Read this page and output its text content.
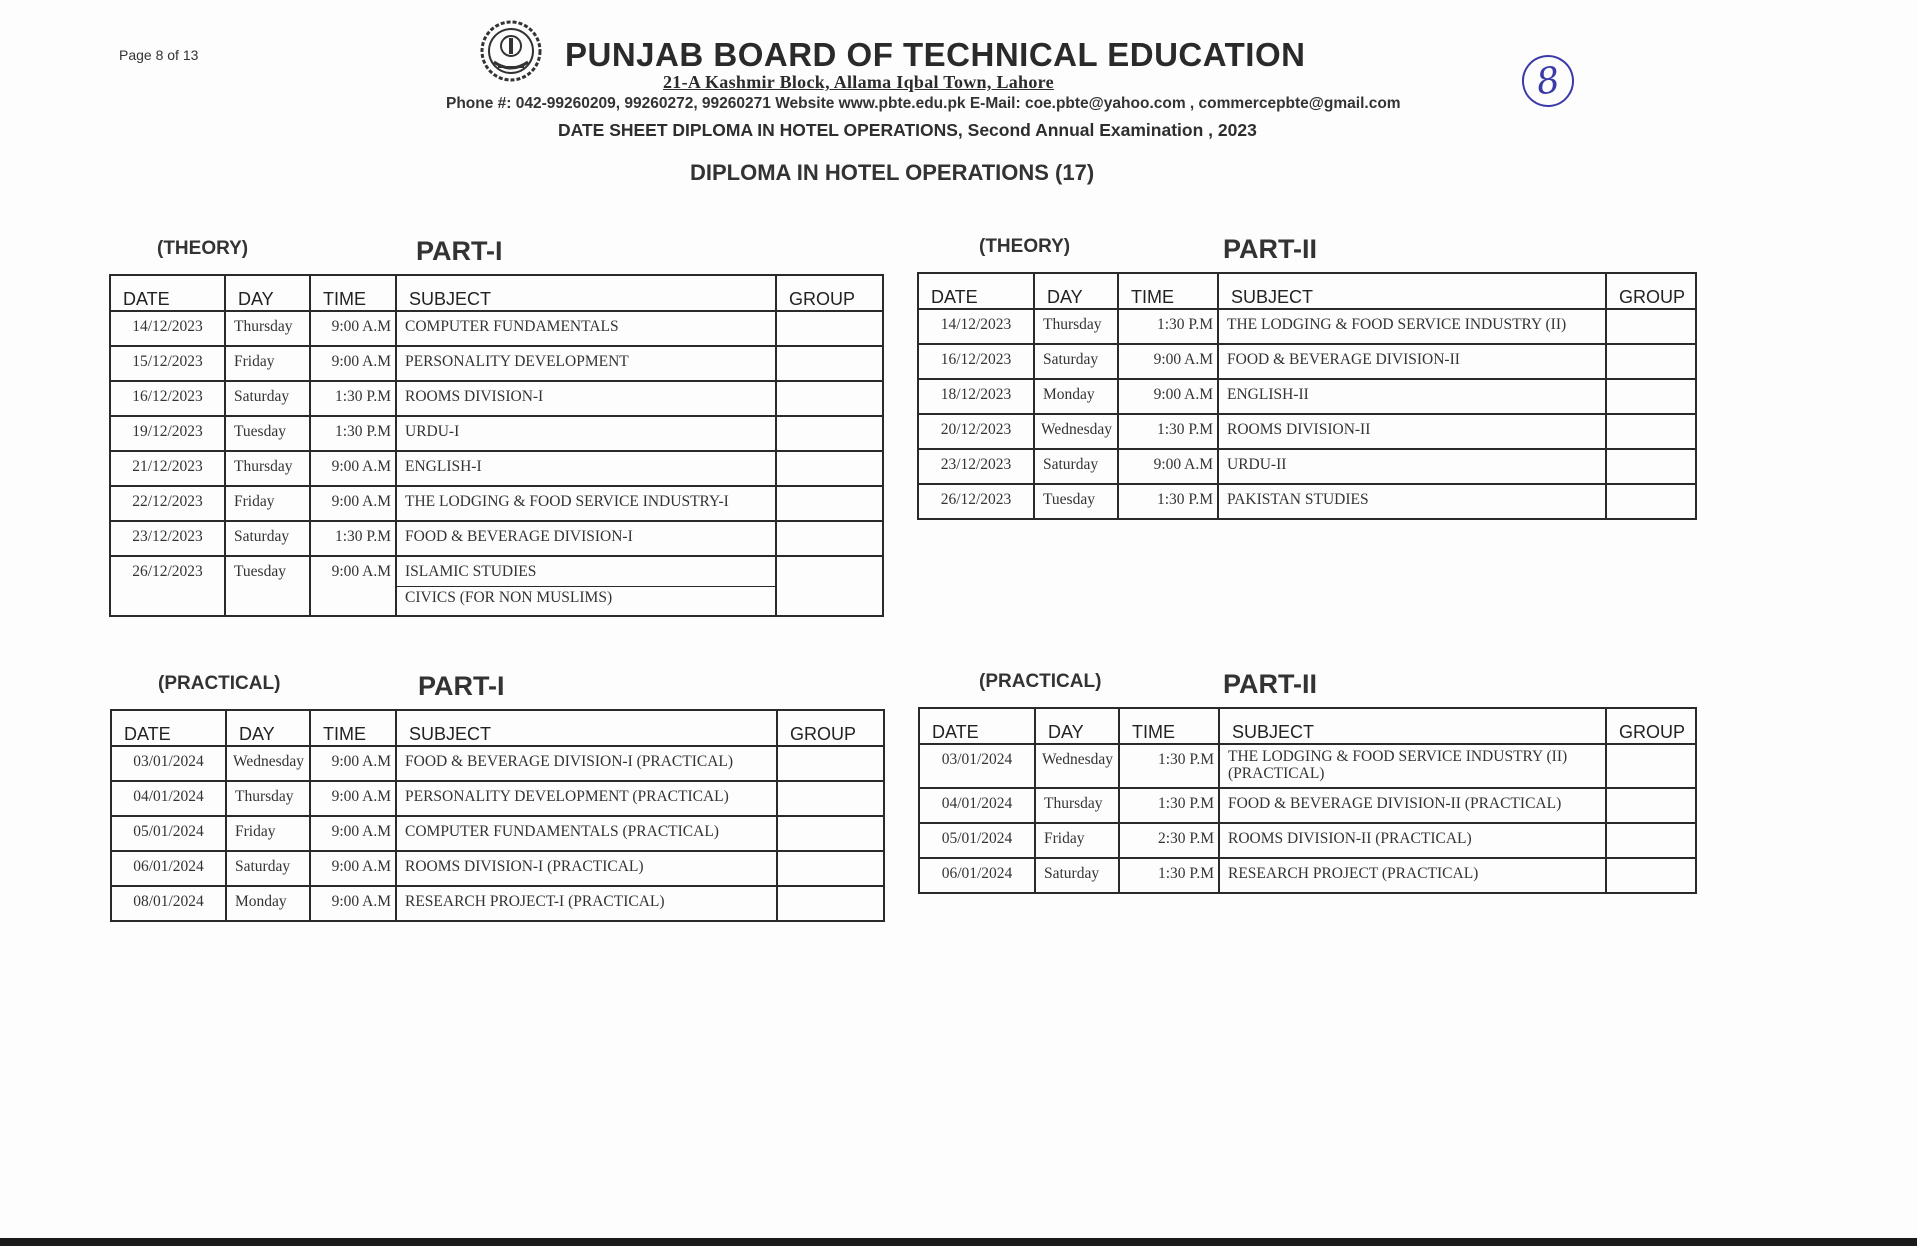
Page 8 of 13	PUNJAB BOARD OF TECHNICAL EDUCATION
21-A Kashmir Block, Allama Iqbal Town, Lahore
Phone #: 042-99260209, 99260272, 99260271 Website www.pbte.edu.pk E-Mail: coe.pbte@yahoo.com , commercepbte@gmail.com
DATE SHEET DIPLOMA IN HOTEL OPERATIONS, Second Annual Examination , 2023
DIPLOMA IN HOTEL OPERATIONS (17)
8
(THEORY)	PART-I
DATE	DAY	TIME	SUBJECT	GROUP
14/12/2023	Thursday	9:00 A.M	COMPUTER FUNDAMENTALS	
15/12/2023	Friday	9:00 A.M	PERSONALITY DEVELOPMENT	
16/12/2023	Saturday	1:30 P.M	ROOMS DIVISION-I	
19/12/2023	Tuesday	1:30 P.M	URDU-I	
21/12/2023	Thursday	9:00 A.M	ENGLISH-I	
22/12/2023	Friday	9:00 A.M	THE LODGING & FOOD SERVICE INDUSTRY-I	
23/12/2023	Saturday	1:30 P.M	FOOD & BEVERAGE DIVISION-I	
26/12/2023	Tuesday	9:00 A.M	ISLAMIC STUDIES
CIVICS (FOR NON MUSLIMS)	

(THEORY)	PART-II
DATE	DAY	TIME	SUBJECT	GROUP
14/12/2023	Thursday	1:30 P.M	THE LODGING & FOOD SERVICE INDUSTRY (II)	
16/12/2023	Saturday	9:00 A.M	FOOD & BEVERAGE DIVISION-II	
18/12/2023	Monday	9:00 A.M	ENGLISH-II	
20/12/2023	Wednesday	1:30 P.M	ROOMS DIVISION-II	
23/12/2023	Saturday	9:00 A.M	URDU-II	
26/12/2023	Tuesday	1:30 P.M	PAKISTAN STUDIES	
(PRACTICAL)	PART-I
DATE	DAY	TIME	SUBJECT	GROUP
03/01/2024	Wednesday	9:00 A.M	FOOD & BEVERAGE DIVISION-I (PRACTICAL)	
04/01/2024	Thursday	9:00 A.M	PERSONALITY DEVELOPMENT (PRACTICAL)	
05/01/2024	Friday	9:00 A.M	COMPUTER FUNDAMENTALS (PRACTICAL)	
06/01/2024	Saturday	9:00 A.M	ROOMS DIVISION-I (PRACTICAL)	
08/01/2024	Monday	9:00 A.M	RESEARCH PROJECT-I (PRACTICAL)	
(PRACTICAL)	PART-II
DATE	DAY	TIME	SUBJECT	GROUP
03/01/2024	Wednesday	1:30 P.M	THE LODGING & FOOD SERVICE INDUSTRY (II) (PRACTICAL)	
04/01/2024	Thursday	1:30 P.M	FOOD & BEVERAGE DIVISION-II (PRACTICAL)	
05/01/2024	Friday	2:30 P.M	ROOMS DIVISION-II (PRACTICAL)	
06/01/2024	Saturday	1:30 P.M	RESEARCH PROJECT (PRACTICAL)	
